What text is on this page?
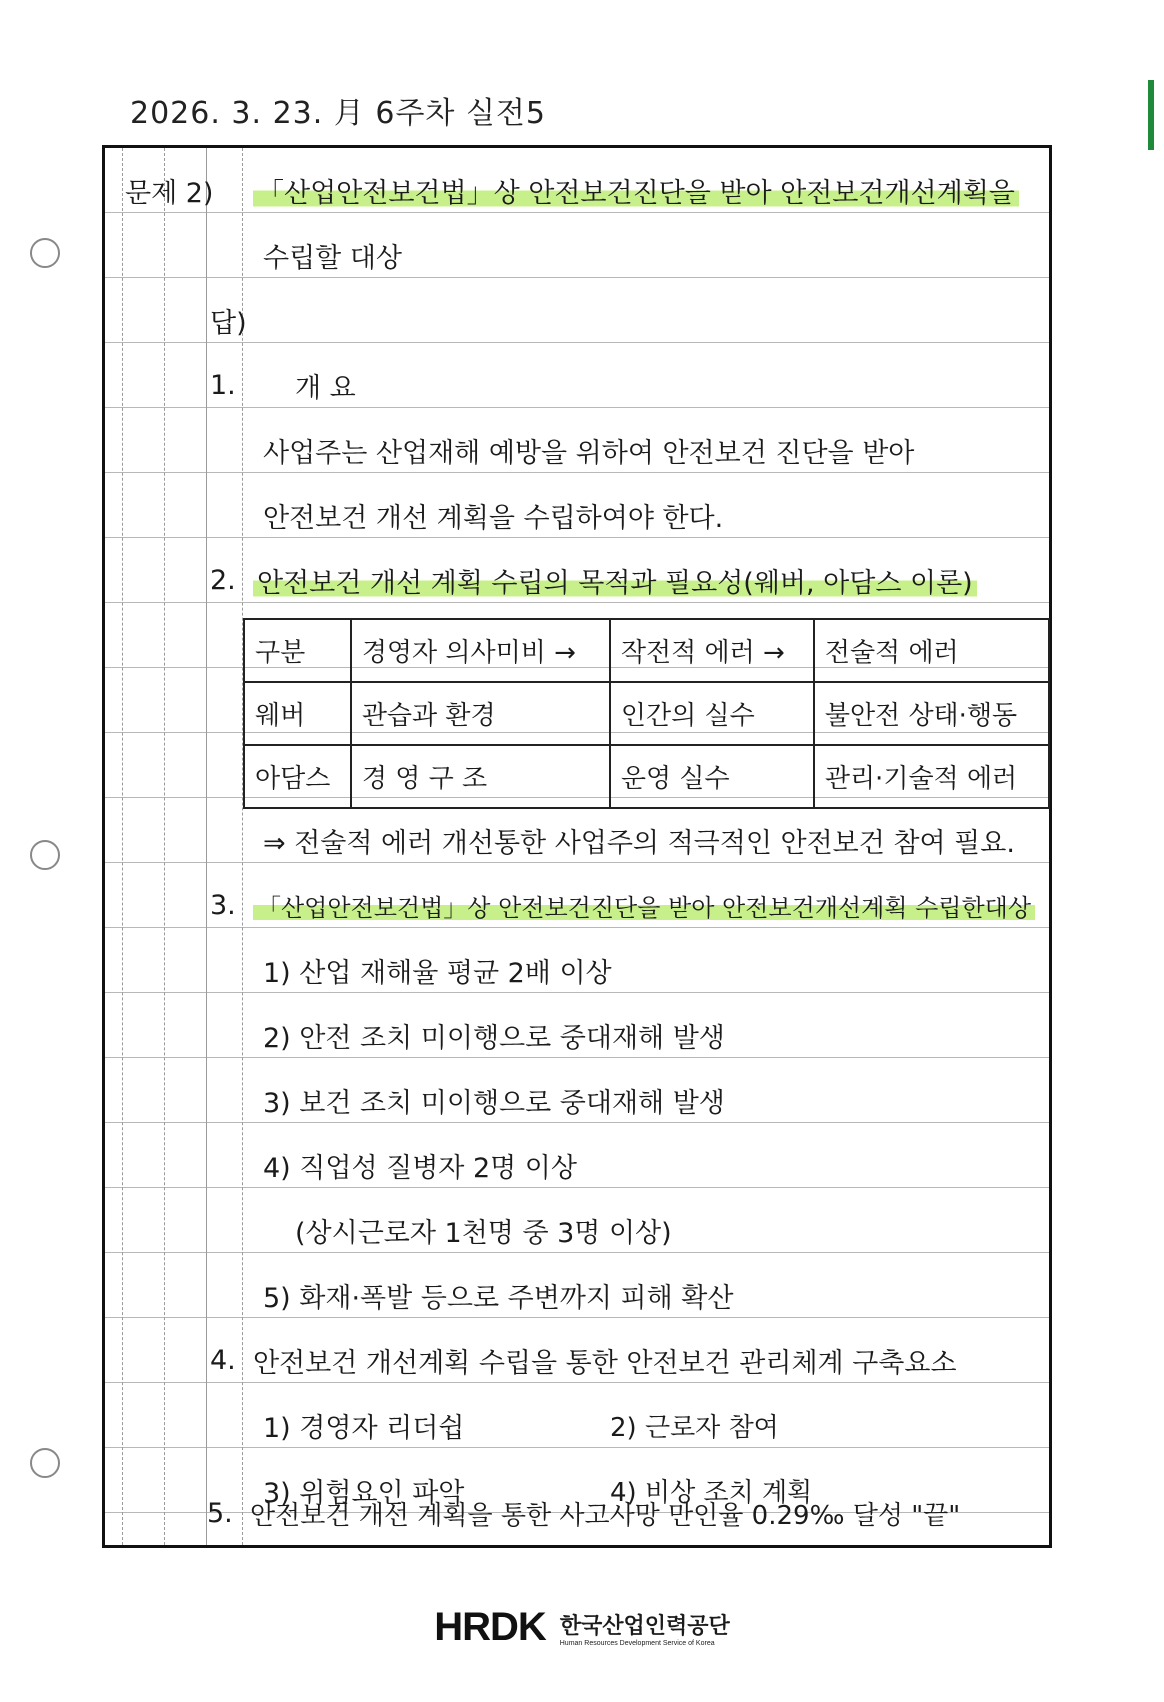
2026. 3. 23. 月 6주차 실전5
문제 2) 「산업안전보건법」상 안전보건진단을 받아 안전보건개선계획을
수립할 대상
답)
1.	개 요
사업주는 산업재해 예방을 위하여 안전보건 진단을 받아
안전보건 개선 계획을 수립하여야 한다.
2. 안전보건 개선 계획 수립의 목적과 필요성(웨버, 아담스 이론)
구분	경영자 의사미비 →	작전적 에러 →	전술적 에러
웨버	관습과 환경	인간의 실수	불안전 상태·행동
아담스	경 영 구 조	운영 실수	관리·기술적 에러
⇒ 전술적 에러 개선통한 사업주의 적극적인 안전보건 참여 필요.
3. 「산업안전보건법」상 안전보건진단을 받아 안전보건개선계획 수립한대상
1) 산업 재해율 평균 2배 이상
2) 안전 조치 미이행으로 중대재해 발생
3) 보건 조치 미이행으로 중대재해 발생
4) 직업성 질병자 2명 이상
(상시근로자 1천명 중 3명 이상)
5) 화재·폭발 등으로 주변까지 피해 확산
4. 안전보건 개선계획 수립을 통한 안전보건 관리체계 구축요소
1) 경영자 리더쉽	2) 근로자 참여
3) 위험요인 파악	4) 비상 조치 계획
5. 안전보건 개선 계획을 통한 사고사망 만인율 0.29‰ 달성 "끝"
HRDK 한국산업인력공단
Human Resources Development Service of Korea
